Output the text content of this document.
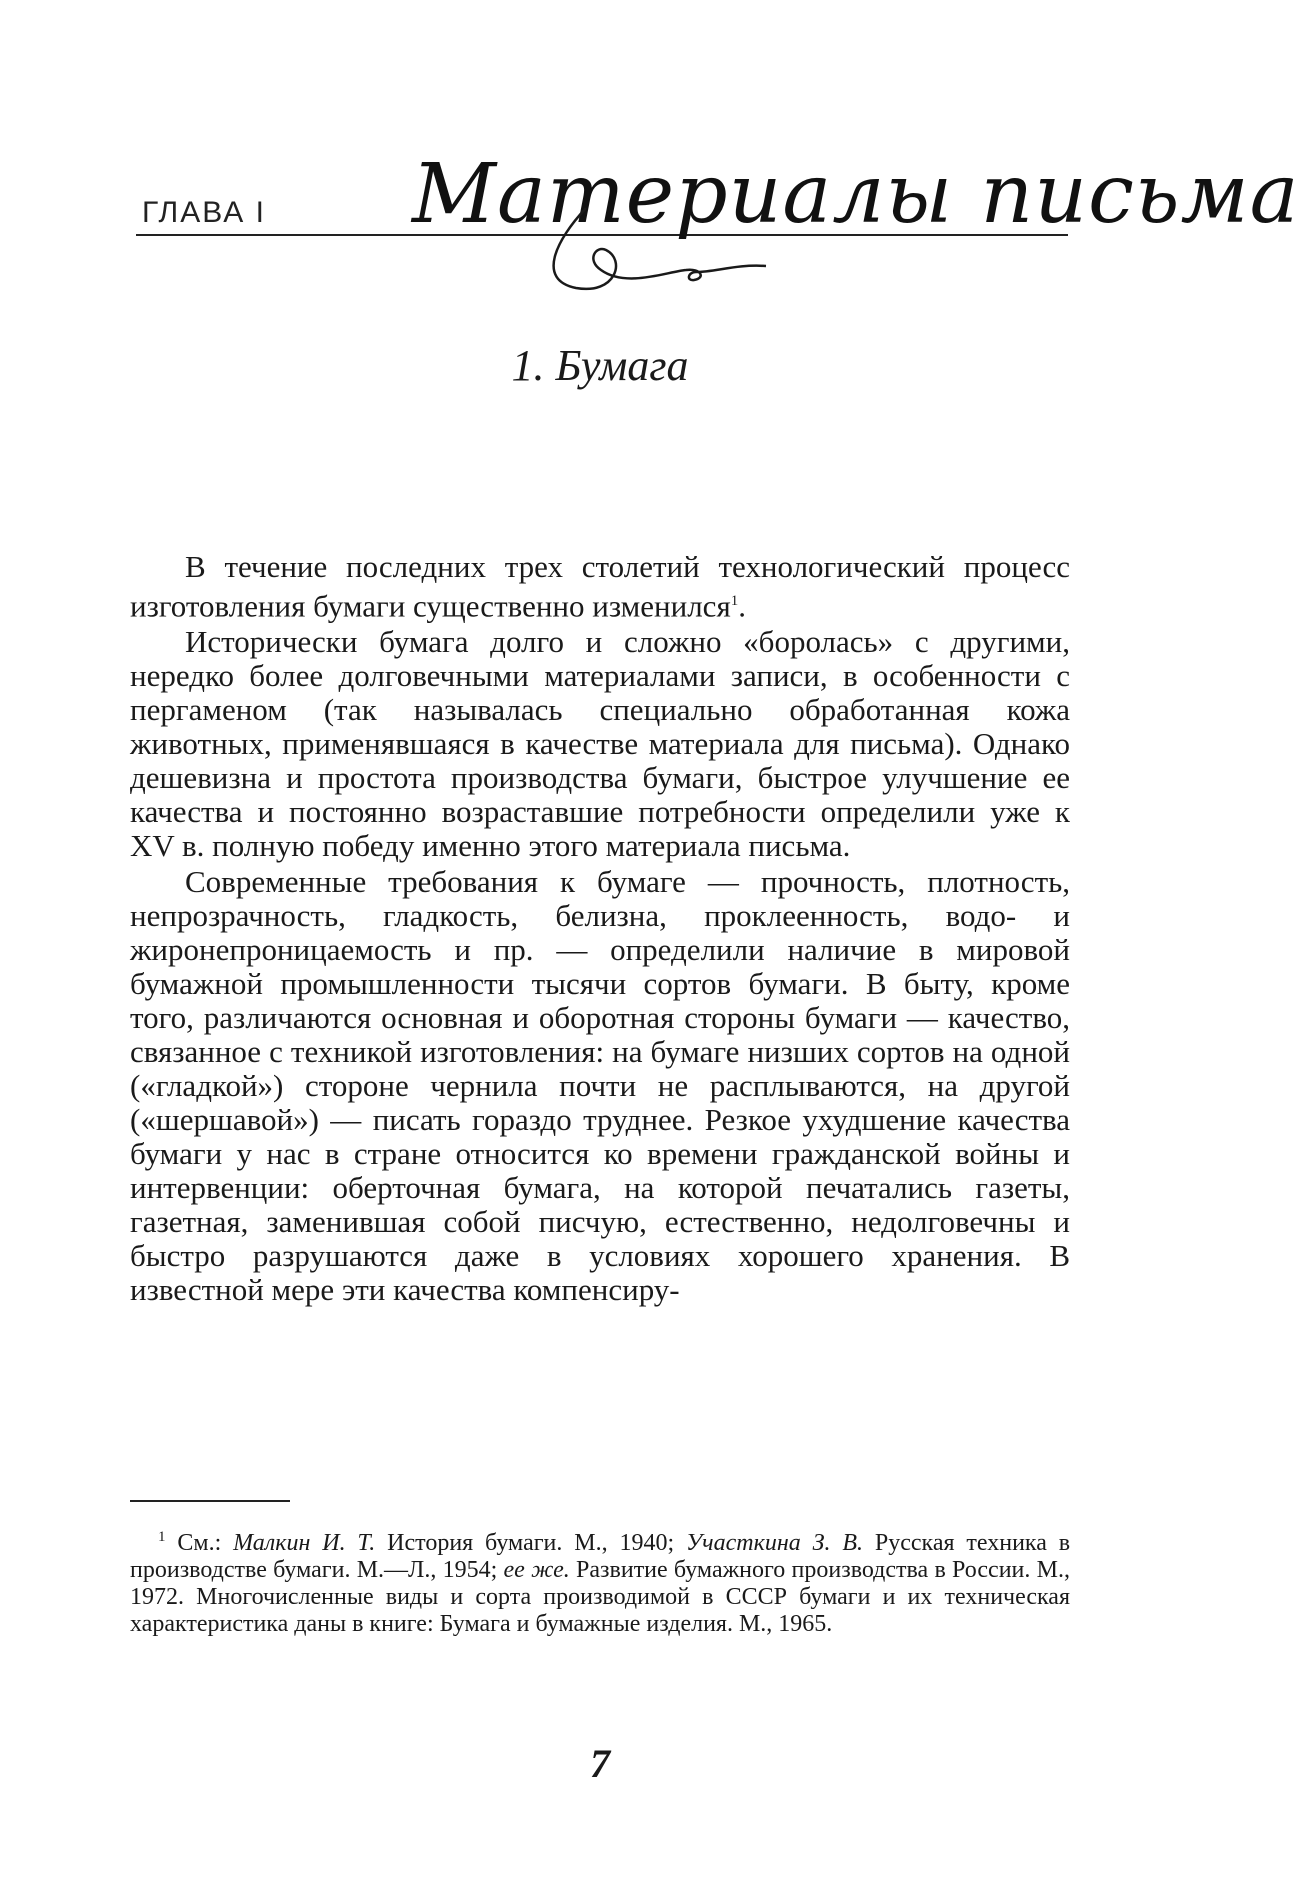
ГЛАВА I Материалы письма
1. Бумага

В течение последних трех столетий технологический процесс изготовления бумаги существенно изменился$^1$.

Исторически бумага долго и сложно «боролась» с другими, нередко более долговечными материалами записи, в особенности с пергаменом (так называлась специально обработанная кожа животных, применявшаяся в качестве материала для письма). Однако дешевизна и простота производства бумаги, быстрое улучшение ее качества и постоянно возраставшие потребности определили уже к XV в. полную победу именно этого материала письма.

Современные требования к бумаге — прочность, плотность, непрозрачность, гладкость, белизна, проклеенность, водо- и жиронепроницаемость и пр. — определили наличие в мировой бумажной промышленности тысячи сортов бумаги. В быту, кроме того, различаются основная и оборотная стороны бумаги — качество, связанное с техникой изготовления: на бумаге низших сортов на одной («гладкой») стороне чернила почти не расплываются, на другой («шершавой») — писать гораздо труднее. Резкое ухудшение качества бумаги у нас в стране относится ко времени гражданской войны и интервенции: оберточная бумага, на которой печатались газеты, газетная, заменившая собой писчую, естественно, недолговечны и быстро разрушаются даже в условиях хорошего хранения. В известной мере эти качества компенсиру-

$^1$ См.: Малкин И. Т. История бумаги. М., 1940; Участкина З. В. Русская техника в производстве бумаги. М.—Л., 1954; ее же. Развитие бумажного производства в России. М., 1972. Многочисленные виды и сорта производимой в СССР бумаги и их техническая характеристика даны в книге: Бумага и бумажные изделия. М., 1965.

7
